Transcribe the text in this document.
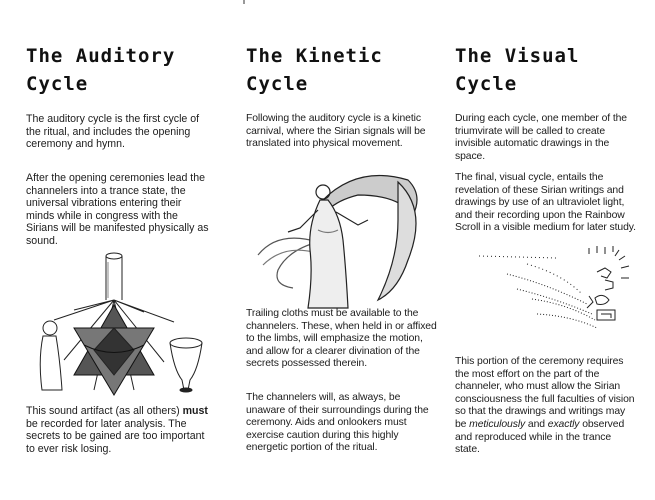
The Auditory
Cycle

The auditory cycle is the first cycle of the ritual, and includes the opening ceremony and hymn.

After the opening ceremonies lead the channelers into a trance state, the universal vibrations entering their minds while in congress with the Sirians will be manifested physically as sound.

This sound artifact (as all others) must be recorded for later analysis. The secrets to be gained are too important to ever risk losing.

The Kinetic
Cycle

Following the auditory cycle is a kinetic carnival, where the Sirian signals will be translated into physical movement.

Trailing cloths must be available to the channelers. These, when held in or affixed to the limbs, will emphasize the motion, and allow for a clearer divination of the secrets possessed therein.

The channelers will, as always, be unaware of their surroundings during the ceremony. Aids and onlookers must exercise caution during this highly energetic portion of the ritual.

The Visual
Cycle

During each cycle, one member of the triumvirate will be called to create invisible automatic drawings in the space.

The final, visual cycle, entails the revelation of these Sirian writings and drawings by use of an ultraviolet light, and their recording upon the Rainbow Scroll in a visible medium for later study.

This portion of the ceremony requires the most effort on the part of the channeler, who must allow the Sirian consciousness the full faculties of vision so that the drawings and writings may be meticulously and exactly observed and reproduced while in the trance state.
